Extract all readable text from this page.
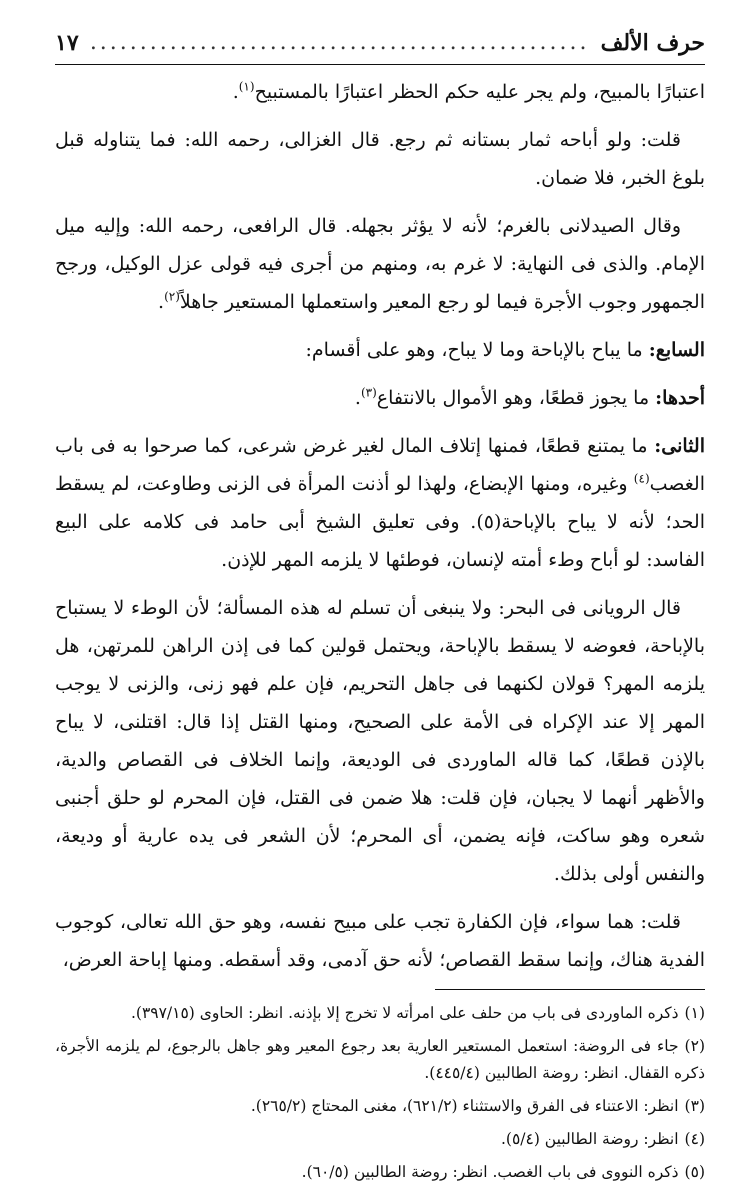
حرف الألف
..................................................
١٧

اعتبارًا بالمبيح، ولم يجر عليه حكم الحظر اعتبارًا بالمستبيح$^{(١)}$.

قلت: ولو أباحه ثمار بستانه ثم رجع. قال الغزالى، رحمه الله: فما يتناوله قبل بلوغ الخبر، فلا ضمان.

وقال الصيدلانى بالغرم؛ لأنه لا يؤثر بجهله. قال الرافعى، رحمه الله: وإليه ميل الإمام. والذى فى النهاية: لا غرم به، ومنهم من أجرى فيه قولى عزل الوكيل، ورجح الجمهور وجوب الأجرة فيما لو رجع المعير واستعملها المستعير جاهلاً$^{(٢)}$.

السابع: ما يباح بالإباحة وما لا يباح، وهو على أقسام:

أحدها: ما يجوز قطعًا، وهو الأموال بالانتفاع$^{(٣)}$.

الثانى: ما يمتنع قطعًا، فمنها إتلاف المال لغير غرض شرعى، كما صرحوا به فى باب الغصب$^{(٤)}$ وغيره، ومنها الإبضاع، ولهذا لو أذنت المرأة فى الزنى وطاوعت، لم يسقط الحد؛ لأنه لا يباح بالإباحة(٥). وفى تعليق الشيخ أبى حامد فى كلامه على البيع الفاسد: لو أباح وطء أمته لإنسان، فوطئها لا يلزمه المهر للإذن.

قال الرويانى فى البحر: ولا ينبغى أن تسلم له هذه المسألة؛ لأن الوطء لا يستباح بالإباحة، فعوضه لا يسقط بالإباحة، ويحتمل قولين كما فى إذن الراهن للمرتهن، هل يلزمه المهر؟ قولان لكنهما فى جاهل التحريم، فإن علم فهو زنى، والزنى لا يوجب المهر إلا عند الإكراه فى الأمة على الصحيح، ومنها القتل إذا قال: اقتلنى، لا يباح بالإذن قطعًا، كما قاله الماوردى فى الوديعة، وإنما الخلاف فى القصاص والدية، والأظهر أنهما لا يجبان، فإن قلت: هلا ضمن فى القتل، فإن المحرم لو حلق أجنبى شعره وهو ساكت، فإنه يضمن، أى المحرم؛ لأن الشعر فى يده عارية أو وديعة، والنفس أولى بذلك.

قلت: هما سواء، فإن الكفارة تجب على مبيح نفسه، وهو حق الله تعالى، كوجوب الفدية هناك، وإنما سقط القصاص؛ لأنه حق آدمى، وقد أسقطه. ومنها إباحة العرض،

(١)ذكره الماوردى فى باب من حلف على امرأته لا تخرج إلا بإذنه. انظر: الحاوى (٣٩٧/١٥).
(٢)جاء فى الروضة: استعمل المستعير العارية بعد رجوع المعير وهو جاهل بالرجوع، لم يلزمه الأجرة، ذكره القفال. انظر: روضة الطالبين (٤٤٥/٤).
(٣)انظر: الاعتناء فى الفرق والاستثناء (٦٢١/٢)، مغنى المحتاج (٢٦٥/٢).
(٤)انظر: روضة الطالبين (٥/٤).
(٥)ذكره النووى فى باب الغصب. انظر: روضة الطالبين (٦٠/٥).
